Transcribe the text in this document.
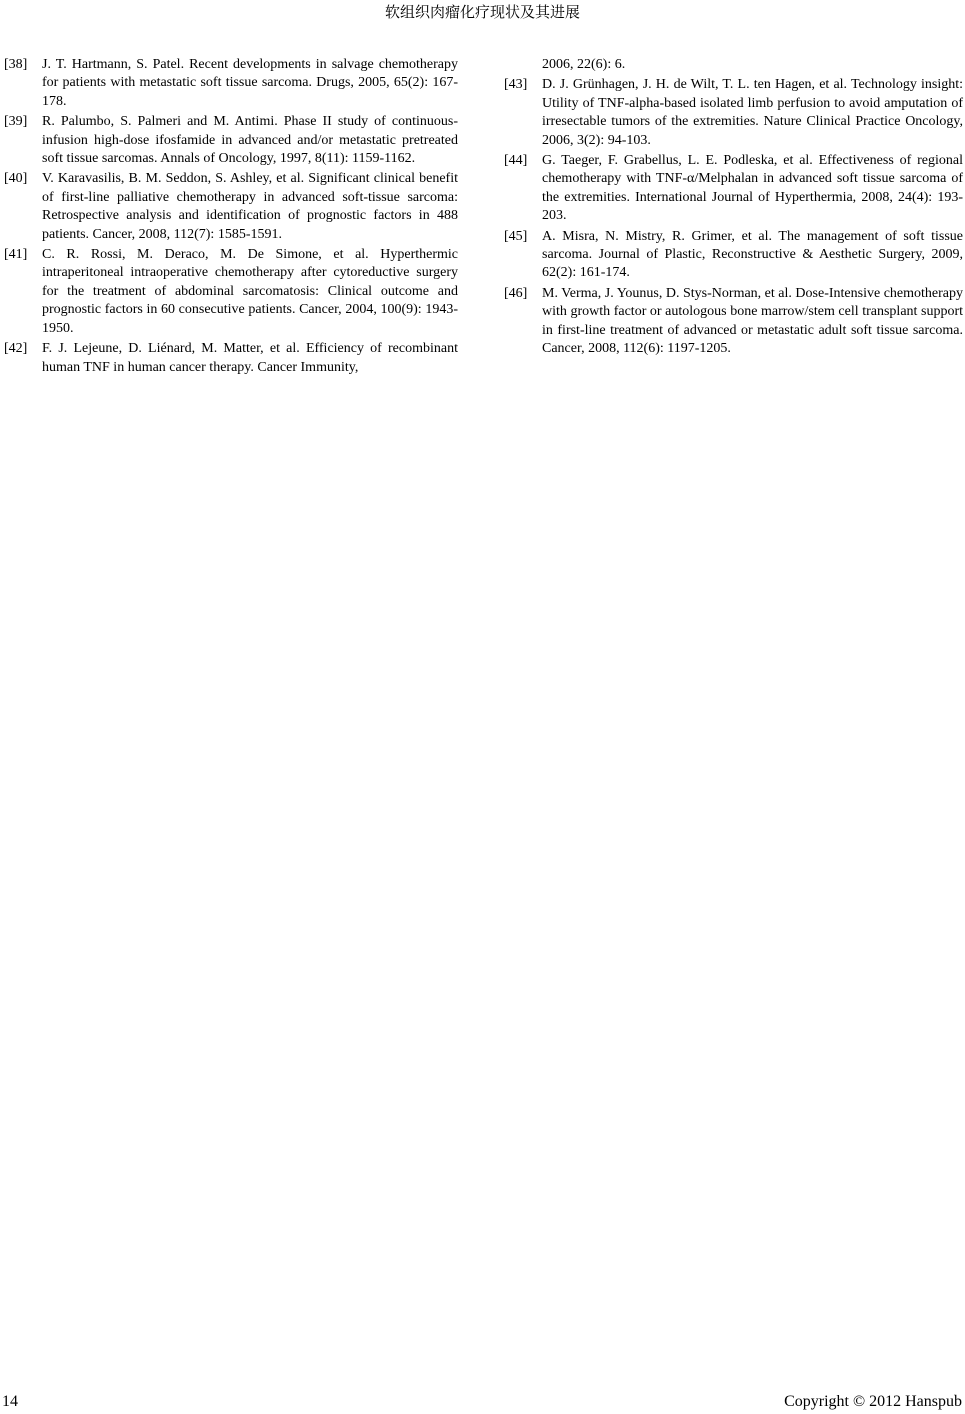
软组织肉瘤化疗现状及其进展
[38]	J. T. Hartmann, S. Patel. Recent developments in salvage chemotherapy for patients with metastatic soft tissue sarcoma. Drugs, 2005, 65(2): 167-178.
[39]	R. Palumbo, S. Palmeri and M. Antimi. Phase II study of continuous-infusion high-dose ifosfamide in advanced and/or metastatic pretreated soft tissue sarcomas. Annals of Oncology, 1997, 8(11): 1159-1162.
[40]	V. Karavasilis, B. M. Seddon, S. Ashley, et al. Significant clinical benefit of first-line palliative chemotherapy in advanced soft-tissue sarcoma: Retrospective analysis and identification of prognostic factors in 488 patients. Cancer, 2008, 112(7): 1585-1591.
[41]	C. R. Rossi, M. Deraco, M. De Simone, et al. Hyperthermic intraperitoneal intraoperative chemotherapy after cytoreductive surgery for the treatment of abdominal sarcomatosis: Clinical outcome and prognostic factors in 60 consecutive patients. Cancer, 2004, 100(9): 1943-1950.
[42]	F. J. Lejeune, D. Liénard, M. Matter, et al. Efficiency of recombinant human TNF in human cancer therapy. Cancer Immunity,
2006, 22(6): 6.
[43]	D. J. Grünhagen, J. H. de Wilt, T. L. ten Hagen, et al. Technology insight: Utility of TNF-alpha-based isolated limb perfusion to avoid amputation of irresectable tumors of the extremities. Nature Clinical Practice Oncology, 2006, 3(2): 94-103.
[44]	G. Taeger, F. Grabellus, L. E. Podleska, et al. Effectiveness of regional chemotherapy with TNF-α/Melphalan in advanced soft tissue sarcoma of the extremities. International Journal of Hyperthermia, 2008, 24(4): 193-203.
[45]	A. Misra, N. Mistry, R. Grimer, et al. The management of soft tissue sarcoma. Journal of Plastic, Reconstructive & Aesthetic Surgery, 2009, 62(2): 161-174.
[46]	M. Verma, J. Younus, D. Stys-Norman, et al. Dose-Intensive chemotherapy with growth factor or autologous bone marrow/stem cell transplant support in first-line treatment of advanced or metastatic adult soft tissue sarcoma. Cancer, 2008, 112(6): 1197-1205.
14	Copyright © 2012 Hanspub
